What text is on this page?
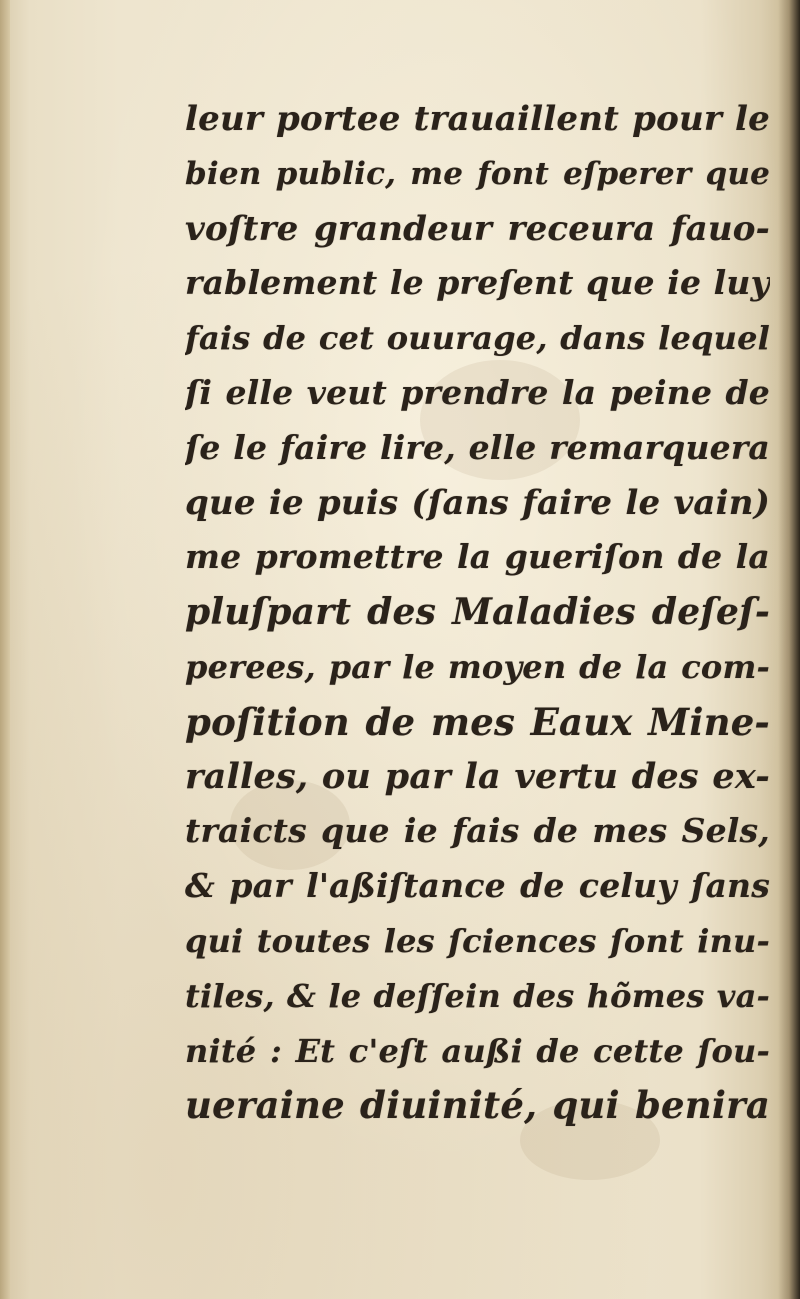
leur portee trauaillent pour le
bien public, me font eſperer que
voſtre grandeur receura fauo-
rablement le preſent que ie luy
fais de cet ouurage, dans lequel
ſi elle veut prendre la peine de
ſe le faire lire, elle remarquera
que ie puis (ſans faire le vain)
me promettre la gueriſon de la
pluſpart des Maladies deſeſ-
perees, par le moyen de la com-
poſition de mes Eaux Mine-
ralles, ou par la vertu des ex-
traicts que ie fais de mes Sels,
& par l'aßiſtance de celuy ſans
qui toutes les ſciences ſont inu-
tiles, & le deſſein des hõmes va-
nité : Et c'eſt außi de cette ſou-
ueraine diuinité, qui benira
